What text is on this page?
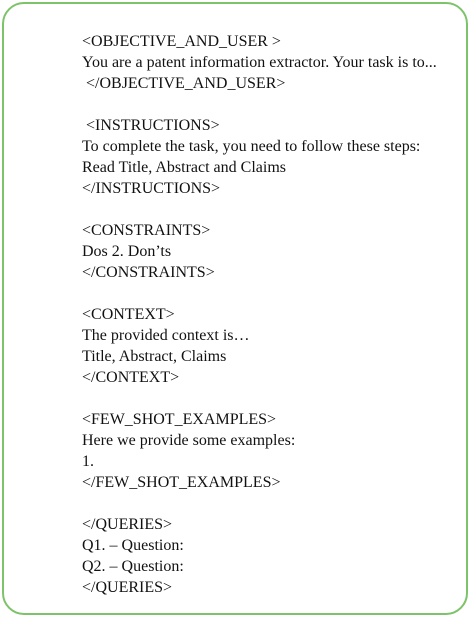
<OBJECTIVE_AND_USER >
You are a patent information extractor. Your task is to...
</OBJECTIVE_AND_USER>
<INSTRUCTIONS>
To complete the task, you need to follow these steps:
Read Title, Abstract and Claims
</INSTRUCTIONS>
<CONSTRAINTS>
Dos 2. Don’ts
</CONSTRAINTS>
<CONTEXT>
The provided context is…
Title, Abstract, Claims
</CONTEXT>
<FEW_SHOT_EXAMPLES>
Here we provide some examples:
1.
</FEW_SHOT_EXAMPLES>
</QUERIES>
Q1. – Question:
Q2. – Question:
</QUERIES>
